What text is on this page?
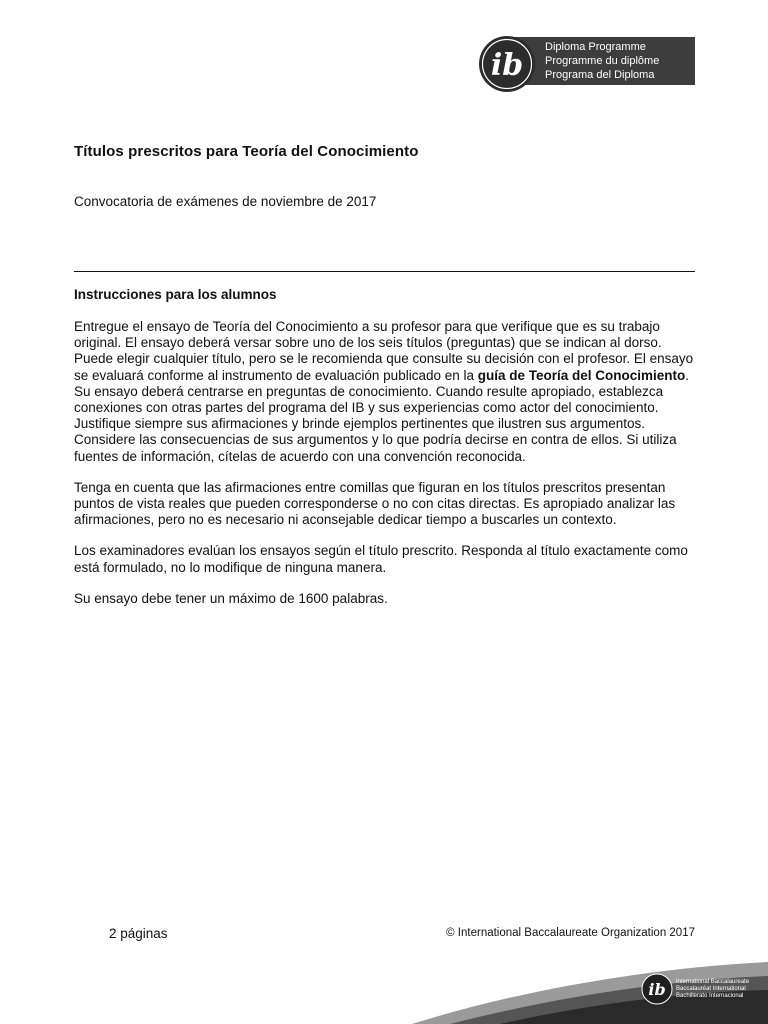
ib
Diploma Programme
Programme du diplôme
Programa del Diploma
Títulos prescritos para Teoría del Conocimiento

Convocatoria de exámenes de noviembre de 2017

Instrucciones para los alumnos

Entregue el ensayo de Teoría del Conocimiento a su profesor para que verifique que es su trabajo original. El ensayo deberá versar sobre uno de los seis títulos (preguntas) que se indican al dorso. Puede elegir cualquier título, pero se le recomienda que consulte su decisión con el profesor. El ensayo se evaluará conforme al instrumento de evaluación publicado en la guía de Teoría del Conocimiento. Su ensayo deberá centrarse en preguntas de conocimiento. Cuando resulte apropiado, establezca conexiones con otras partes del programa del IB y sus experiencias como actor del conocimiento. Justifique siempre sus afirmaciones y brinde ejemplos pertinentes que ilustren sus argumentos. Considere las consecuencias de sus argumentos y lo que podría decirse en contra de ellos. Si utiliza fuentes de información, cítelas de acuerdo con una convención reconocida.

Tenga en cuenta que las afirmaciones entre comillas que figuran en los títulos prescritos presentan puntos de vista reales que pueden corresponderse o no con citas directas. Es apropiado analizar las afirmaciones, pero no es necesario ni aconsejable dedicar tiempo a buscarles un contexto.

Los examinadores evalúan los ensayos según el título prescrito. Responda al título exactamente como está formulado, no lo modifique de ninguna manera.

Su ensayo debe tener un máximo de 1600 palabras.

2 páginas	© International Baccalaureate Organization 2017
ib International Baccalaureate
Baccalauréat International
Bachillerato Internacional
